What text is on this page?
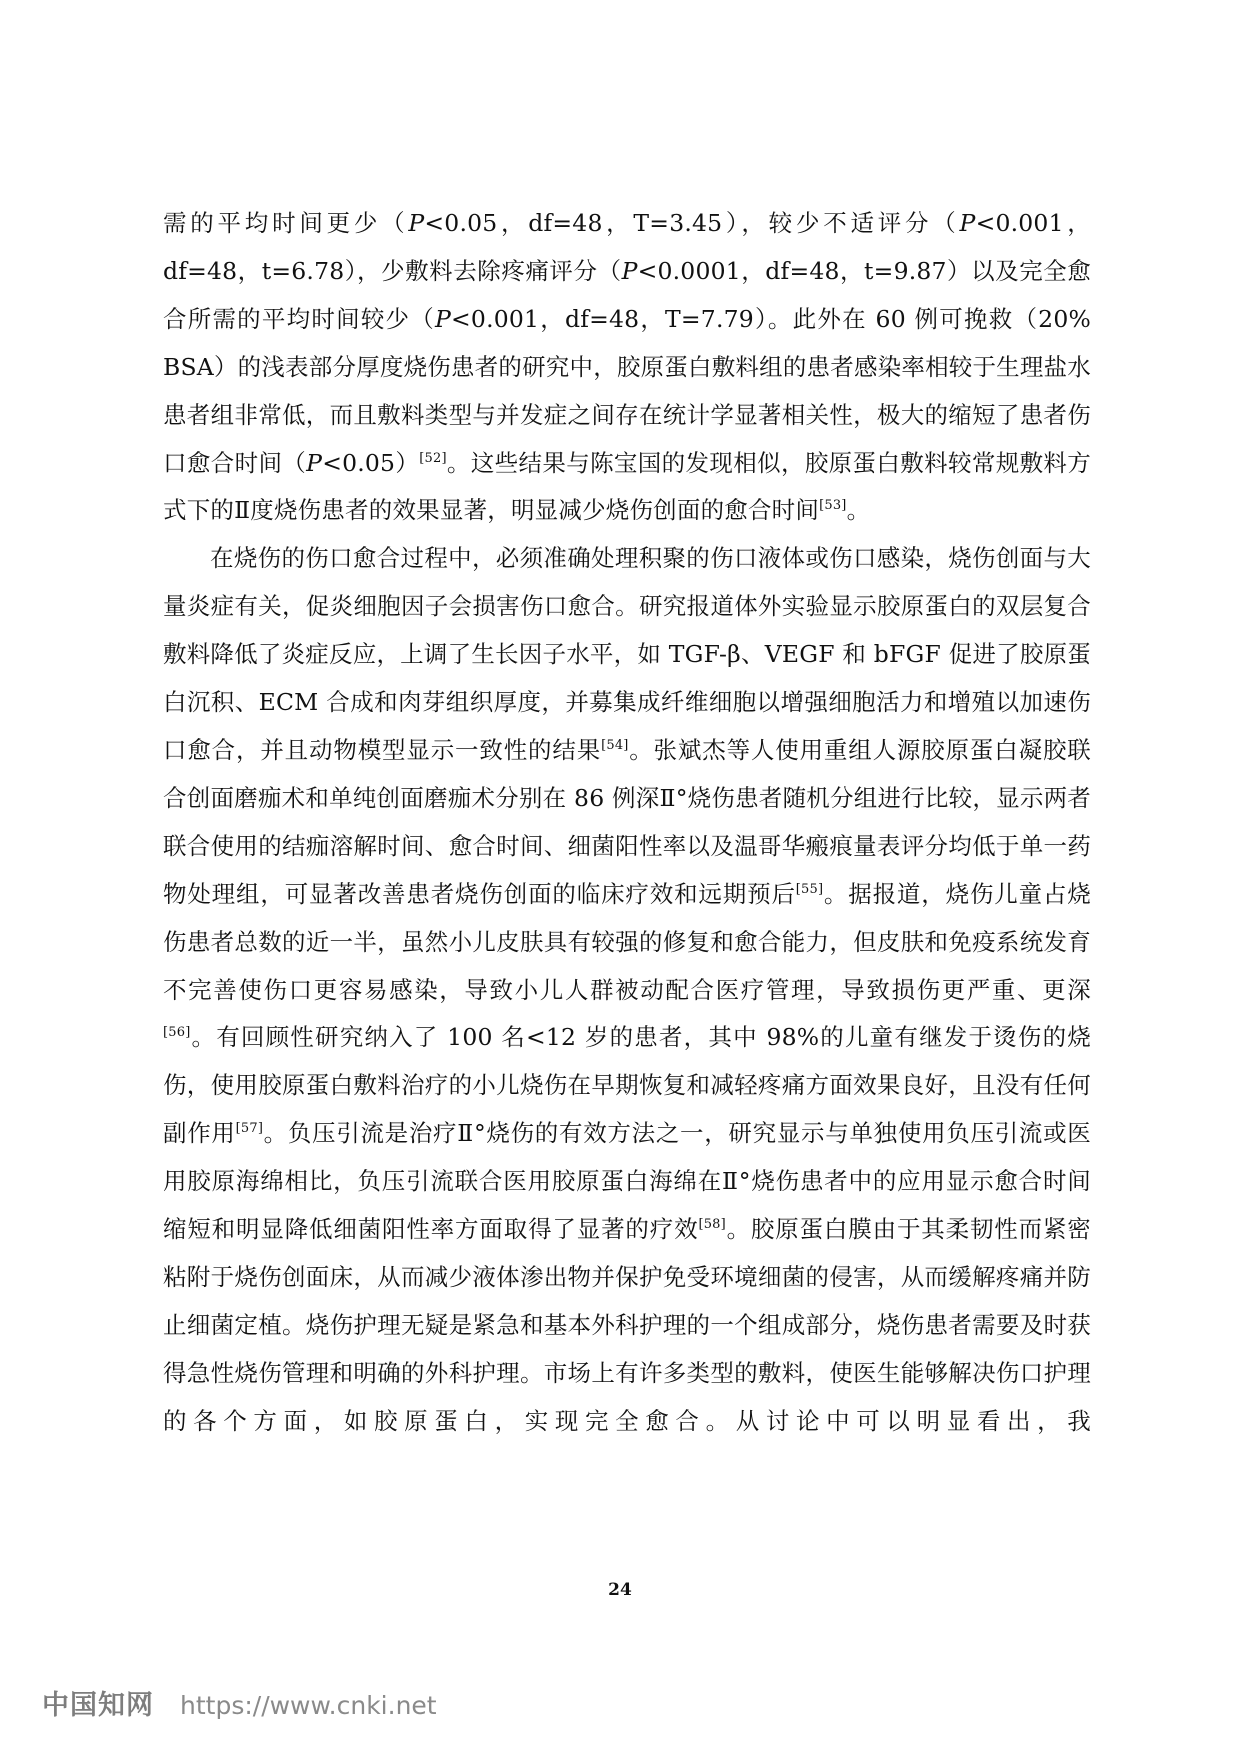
需的平均时间更少（P<0.05，df=48，T=3.45），较少不适评分（P<0.001，df=48，t=6.78），少敷料去除疼痛评分（P<0.0001，df=48，t=9.87）以及完全愈合所需的平均时间较少（P<0.001，df=48，T=7.79）。此外在 60 例可挽救（20% BSA）的浅表部分厚度烧伤患者的研究中，胶原蛋白敷料组的患者感染率相较于生理盐水患者组非常低，而且敷料类型与并发症之间存在统计学显著相关性，极大的缩短了患者伤口愈合时间（P<0.05）[52]。这些结果与陈宝国的发现相似，胶原蛋白敷料较常规敷料方式下的Ⅱ度烧伤患者的效果显著，明显减少烧伤创面的愈合时间[53]。

在烧伤的伤口愈合过程中，必须准确处理积聚的伤口液体或伤口感染，烧伤创面与大量炎症有关，促炎细胞因子会损害伤口愈合。研究报道体外实验显示胶原蛋白的双层复合敷料降低了炎症反应，上调了生长因子水平，如 TGF-β、VEGF 和 bFGF 促进了胶原蛋白沉积、ECM 合成和肉芽组织厚度，并募集成纤维细胞以增强细胞活力和增殖以加速伤口愈合，并且动物模型显示一致性的结果[54]。张斌杰等人使用重组人源胶原蛋白凝胶联合创面磨痂术和单纯创面磨痂术分别在 86 例深Ⅱ°烧伤患者随机分组进行比较，显示两者联合使用的结痂溶解时间、愈合时间、细菌阳性率以及温哥华瘢痕量表评分均低于单一药物处理组，可显著改善患者烧伤创面的临床疗效和远期预后[55]。据报道，烧伤儿童占烧伤患者总数的近一半，虽然小儿皮肤具有较强的修复和愈合能力，但皮肤和免疫系统发育不完善使伤口更容易感染，导致小儿人群被动配合医疗管理，导致损伤更严重、更深[56]。有回顾性研究纳入了 100 名<12 岁的患者，其中 98%的儿童有继发于烫伤的烧伤，使用胶原蛋白敷料治疗的小儿烧伤在早期恢复和减轻疼痛方面效果良好，且没有任何副作用[57]。负压引流是治疗Ⅱ°烧伤的有效方法之一，研究显示与单独使用负压引流或医用胶原海绵相比，负压引流联合医用胶原蛋白海绵在Ⅱ°烧伤患者中的应用显示愈合时间缩短和明显降低细菌阳性率方面取得了显著的疗效[58]。胶原蛋白膜由于其柔韧性而紧密粘附于烧伤创面床，从而减少液体渗出物并保护免受环境细菌的侵害，从而缓解疼痛并防止细菌定植。烧伤护理无疑是紧急和基本外科护理的一个组成部分，烧伤患者需要及时获得急性烧伤管理和明确的外科护理。市场上有许多类型的敷料，使医生能够解决伤口护理的各个方面，如胶原蛋白，实现完全愈合。从讨论中可以明显看出，我

24
中国知网 https://www.cnki.net
